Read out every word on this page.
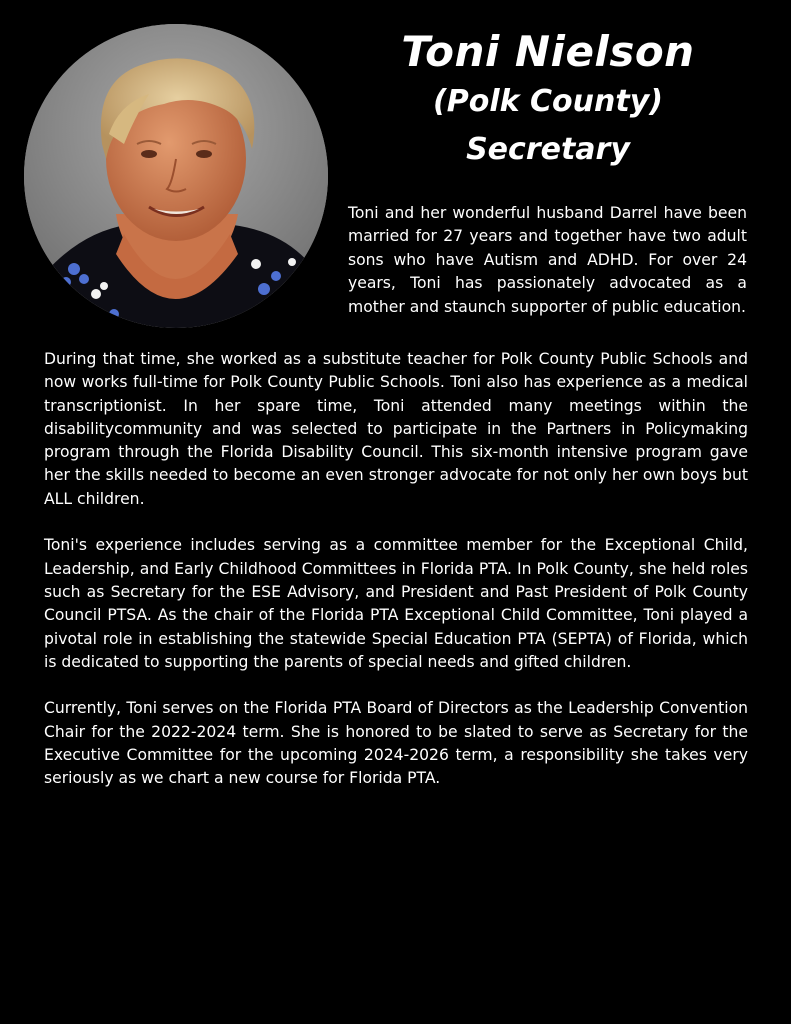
Toni Nielson
(Polk County)
Secretary

Toni and her wonderful husband Darrel have been married for 27 years and together have two adult sons who have Autism and ADHD. For over 24 years, Toni has passionately advocated as a mother and staunch supporter of public education.

During that time, she worked as a substitute teacher for Polk County Public Schools and now works full-time for Polk County Public Schools. Toni also has experience as a medical transcriptionist. In her spare time, Toni attended many meetings within the disabilitycommunity and was selected to participate in the Partners in Policymaking program through the Florida Disability Council. This six-month intensive program gave her the skills needed to become an even stronger advocate for not only her own boys but ALL children.

Toni's experience includes serving as a committee member for the Exceptional Child, Leadership, and Early Childhood Committees in Florida PTA. In Polk County, she held roles such as Secretary for the ESE Advisory, and President and Past President of Polk County Council PTSA. As the chair of the Florida PTA Exceptional Child Committee, Toni played a pivotal role in establishing the statewide Special Education PTA (SEPTA) of Florida, which is dedicated to supporting the parents of special needs and gifted children.

Currently, Toni serves on the Florida PTA Board of Directors as the Leadership Convention Chair for the 2022-2024 term. She is honored to be slated to serve as Secretary for the Executive Committee for the upcoming 2024-2026 term, a responsibility she takes very seriously as we chart a new course for Florida PTA.
